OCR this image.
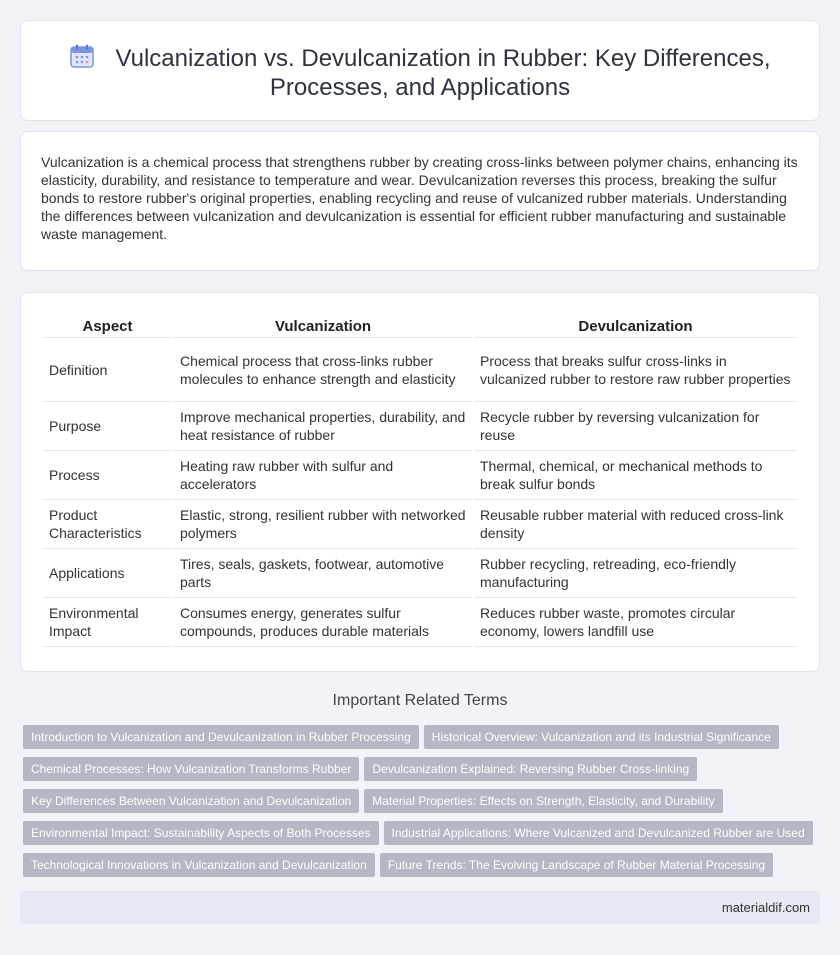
Vulcanization vs. Devulcanization in Rubber: Key Differences, Processes, and Applications

Vulcanization is a chemical process that strengthens rubber by creating cross-links between polymer chains, enhancing its elasticity, durability, and resistance to temperature and wear. Devulcanization reverses this process, breaking the sulfur bonds to restore rubber's original properties, enabling recycling and reuse of vulcanized rubber materials. Understanding the differences between vulcanization and devulcanization is essential for efficient rubber manufacturing and sustainable waste management.

Aspect	Vulcanization	Devulcanization
Definition	Chemical process that cross-links rubber molecules to enhance strength and elasticity	Process that breaks sulfur cross-links in vulcanized rubber to restore raw rubber properties
Purpose	Improve mechanical properties, durability, and heat resistance of rubber	Recycle rubber by reversing vulcanization for reuse
Process	Heating raw rubber with sulfur and accelerators	Thermal, chemical, or mechanical methods to break sulfur bonds
Product Characteristics	Elastic, strong, resilient rubber with networked polymers	Reusable rubber material with reduced cross-link density
Applications	Tires, seals, gaskets, footwear, automotive parts	Rubber recycling, retreading, eco-friendly manufacturing
Environmental Impact	Consumes energy, generates sulfur compounds, produces durable materials	Reduces rubber waste, promotes circular economy, lowers landfill use
Important Related Terms
Introduction to Vulcanization and Devulcanization in Rubber Processing Historical Overview: Vulcanization and its Industrial Significance
Chemical Processes: How Vulcanization Transforms Rubber Devulcanization Explained: Reversing Rubber Cross-linking
Key Differences Between Vulcanization and Devulcanization Material Properties: Effects on Strength, Elasticity, and Durability
Environmental Impact: Sustainability Aspects of Both Processes Industrial Applications: Where Vulcanized and Devulcanized Rubber are Used
Technological Innovations in Vulcanization and Devulcanization Future Trends: The Evolving Landscape of Rubber Material Processing
materialdif.com
